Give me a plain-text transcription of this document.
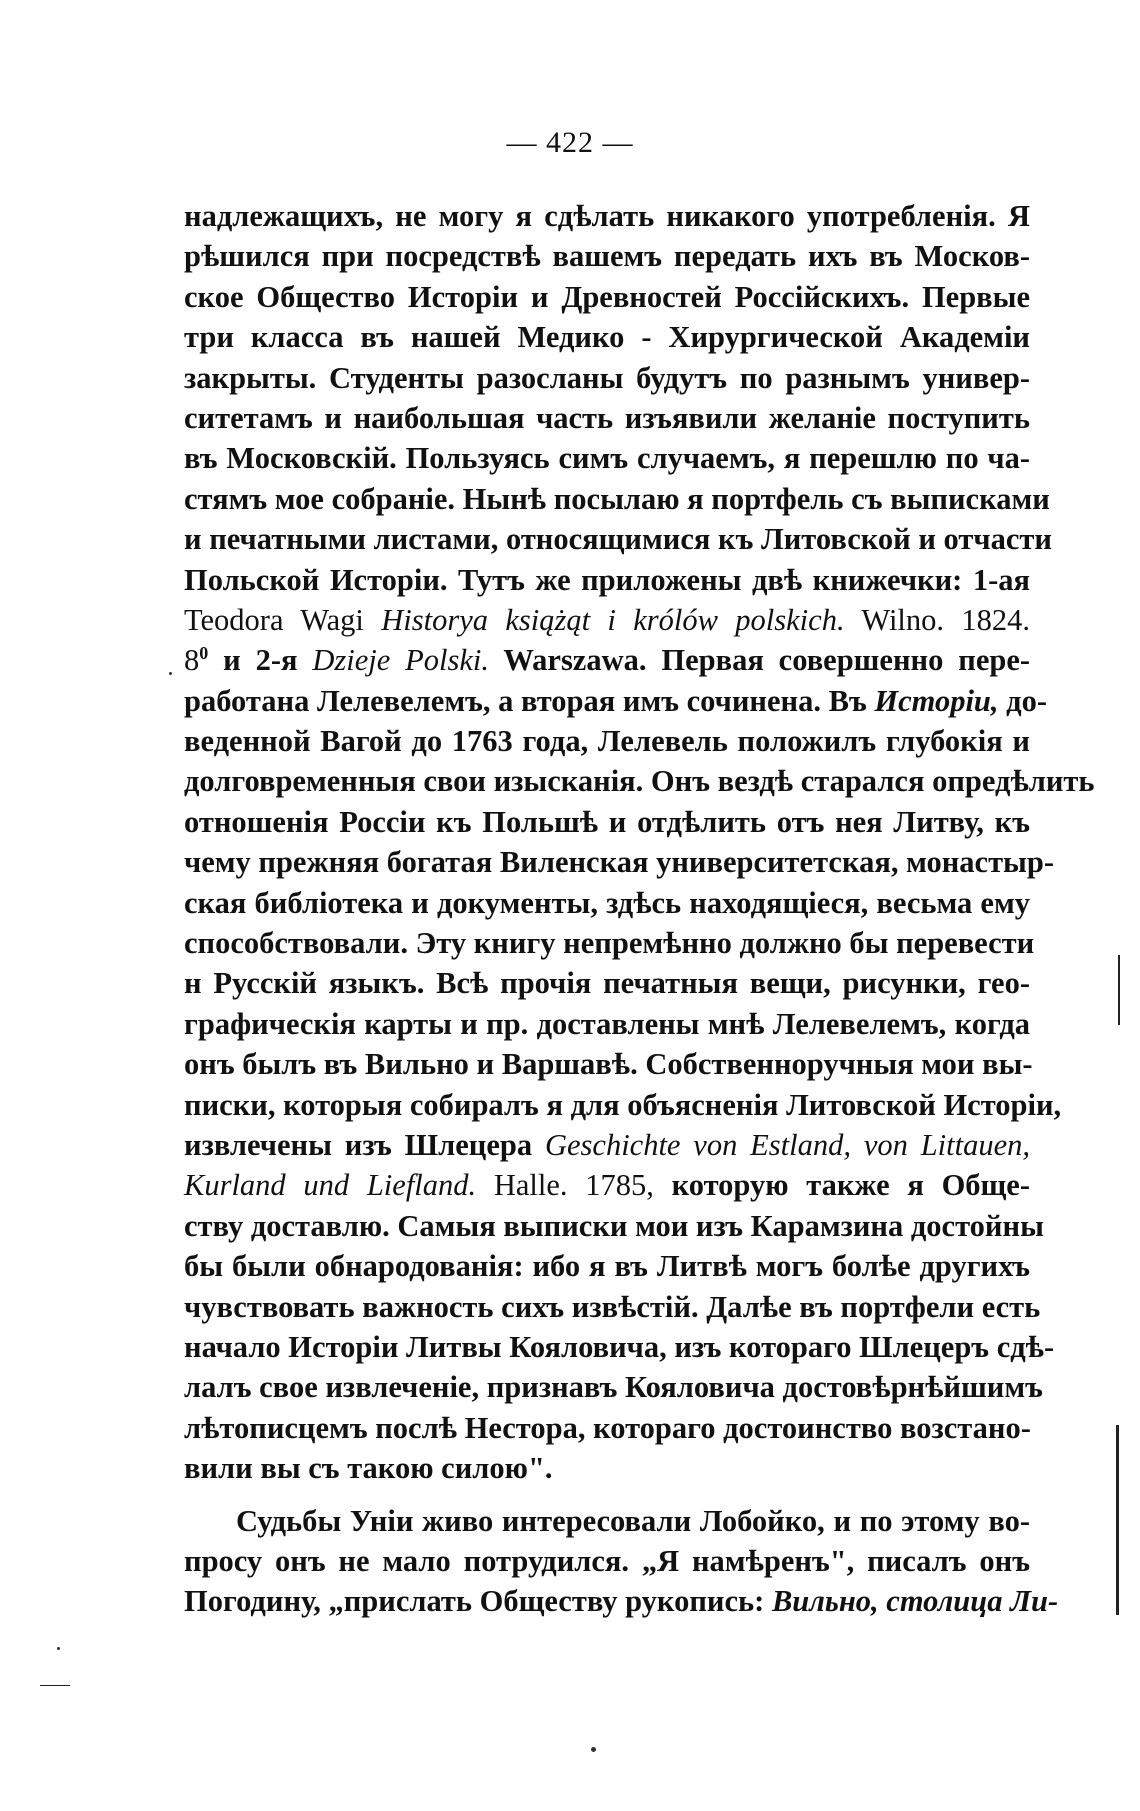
— 422 —
надлежащихъ, не могу я сдѣлать никакого употребленія. Я
рѣшился при посредствѣ вашемъ передать ихъ въ Москов-
ское Общество Исторіи и Древностей Россійскихъ. Первые
три класса въ нашей Медико - Хирургической Академіи
закрыты. Студенты разосланы будутъ по разнымъ универ-
ситетамъ и наибольшая часть изъявили желаніе поступить
въ Московскій. Пользуясь симъ случаемъ, я перешлю по ча-
стямъ мое собраніе. Нынѣ посылаю я портфель съ выписками
и печатными листами, относящимися къ Литовской и отчасти
Польской Исторіи. Тутъ же приложены двѣ книжечки: 1-ая
Teodora Wagi Historya książąt i królów polskich. Wilno. 1824.
$8^0$ и 2-я Dzieje Polski. Warszawa. Первая совершенно пере-
работана Лелевелемъ, а вторая имъ сочинена. Въ Исторіи, до-
веденной Вагой до 1763 года, Лелевель положилъ глубокія и
долговременныя свои изысканія. Онъ вездѣ старался опредѣлить
отношенія Россіи къ Польшѣ и отдѣлить отъ нея Литву, къ
чему прежняя богатая Виленская университетская, монастыр-
ская библіотека и документы, здѣсь находящіеся, весьма ему
способствовали. Эту книгу непремѣнно должно бы перевести
н Русскій языкъ. Всѣ прочія печатныя вещи, рисунки, гео-
графическія карты и пр. доставлены мнѣ Лелевелемъ, когда
онъ былъ въ Вильно и Варшавѣ. Собственноручныя мои вы-
писки, которыя собиралъ я для объясненія Литовской Исторіи,
извлечены изъ Шлецера Geschichte von Estland, von Littauen,
Kurland und Liefland. Halle. 1785, которую также я Обще-
ству доставлю. Самыя выписки мои изъ Карамзина достойны
бы были обнародованія: ибо я въ Литвѣ могъ болѣе другихъ
чувствовать важность сихъ извѣстій. Далѣе въ портфели есть
начало Исторіи Литвы Кояловича, изъ котораго Шлецеръ сдѣ-
лалъ свое извлеченіе, признавъ Кояловича достовѣрнѣйшимъ
лѣтописцемъ послѣ Нестора, котораго достоинство возстано-
вили вы съ такою силою".
Судьбы Уніи живо интересовали Лобойко, и по этому во-
просу онъ не мало потрудился. „Я намѣренъ", писалъ онъ
Погодину, „прислать Обществу рукопись: Вильно, столица Ли-
